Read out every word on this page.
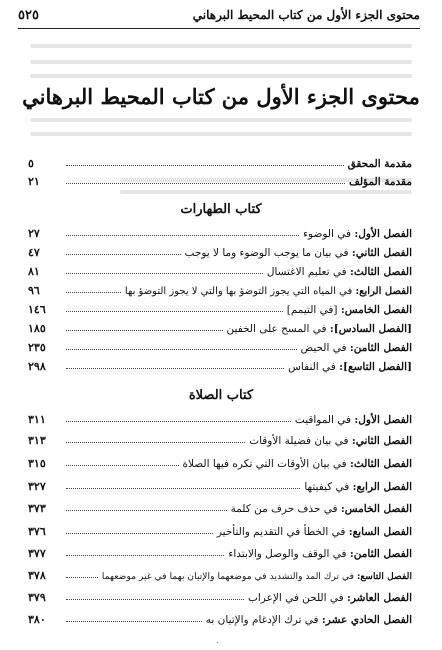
محتوى الجزء الأول من كتاب المحيط البرهاني
٥٢٥
محتوى الجزء الأول من كتاب المحيط البرهاني
مقدمة المحقق
٥
مقدمة المؤلف
٢١
كتاب الطهارات
الفصل الأول: في الوضوء
٢٧
الفصل الثاني: في بيان ما يوجب الوضوء وما لا يوجب
٤٧
الفصل الثالث: في تعليم الاغتسال
٨١
الفصل الرابع: في المياه التي يجوز التوضؤ بها والتي لا يجوز التوضؤ بها
٩٦
الفصل الخامس: [في التيمم]
١٤٦
[الفصل السادس]: في المسح على الخفين
١٨٥
الفصل الثامن: في الحيض
٢٣٥
[الفصل التاسع]: في النفاس
٢٩٨
كتاب الصلاة
الفصل الأول: في المواقيت
٣١١
الفصل الثاني: في بيان فضيلة الأوقات
٣١٣
الفصل الثالث: في بيان الأوقات التي تكره فيها الصلاة
٣١٥
الفصل الرابع: في كيفيتها
٣٢٧
الفصل الخامس: في حذف حرف من كلمة
٣٧٣
الفصل السابع: في الخطأ في التقديم والتأخير
٣٧٦
الفصل الثامن: في الوقف والوصل والابتداء
٣٧٧
الفصل التاسع: في ترك المد والتشديد في موضعهما والإتيان بهما في غير موضعهما
٣٧٨
الفصل العاشر: في اللحن في الإعراب
٣٧٩
الفصل الحادي عشر: في ترك الإدغام والإتيان به
٣٨٠
.
